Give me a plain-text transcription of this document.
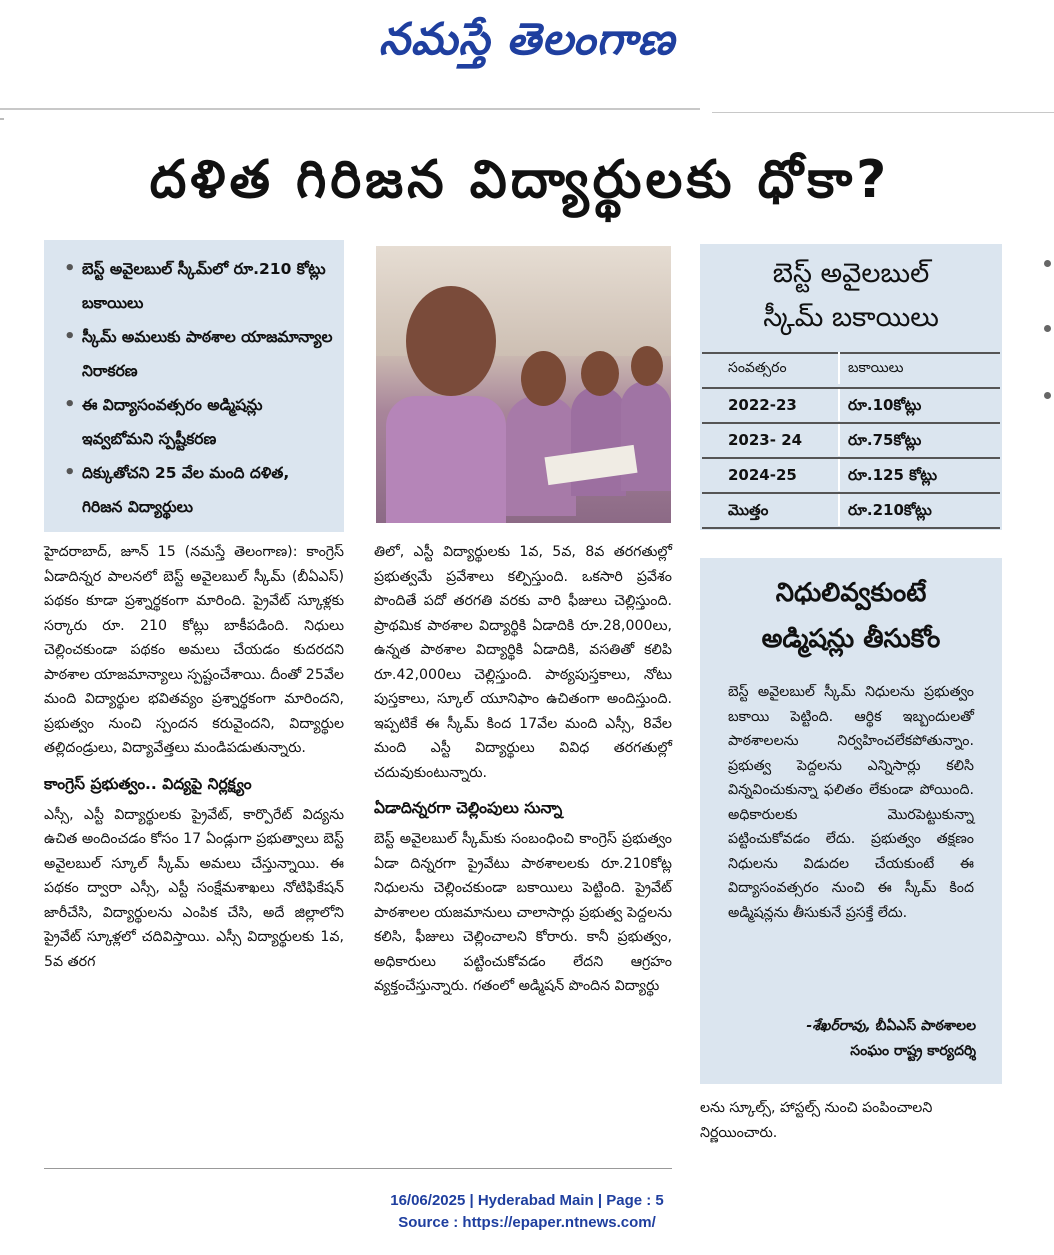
నమస్తే తెలంగాణ
దళిత గిరిజన విద్యార్థులకు ధోకా?
• బెస్ట్ అవైలబుల్ స్కీమ్‌లో రూ.210 కోట్లు బకాయిలు
• స్కీమ్ అమలుకు పాఠశాల యాజమాన్యాల నిరాకరణ
• ఈ విద్యాసంవత్సరం అడ్మిషన్లు ఇవ్వబోమని స్పష్టీకరణ
• దిక్కుతోచని 25 వేల మంది దళిత, గిరిజన విద్యార్థులు
బెస్ట్ అవైలబుల్
స్కీమ్ బకాయిలు
సంవత్సరం	బకాయిలు
2022-23	రూ.10కోట్లు
2023- 24	రూ.75కోట్లు
2024-25	రూ.125 కోట్లు
మొత్తం	రూ.210కోట్లు
హైదరాబాద్, జూన్ 15 (నమస్తే తెలంగాణ): కాంగ్రెస్ ఏడాదిన్నర పాలనలో బెస్ట్ అవైలబుల్ స్కీమ్ (బీఏఎస్) పథకం కూడా ప్రశ్నార్థకంగా మారింది. ప్రైవేట్ స్కూళ్లకు సర్కారు రూ. 210 కోట్లు బాకీపడింది. నిధులు చెల్లించకుండా పథకం అమలు చేయడం కుదరదని పాఠశాల యాజమాన్యాలు స్పష్టంచేశాయి. దీంతో 25వేల మంది విద్యార్థుల భవితవ్యం ప్రశ్నార్థకంగా మారిందని, ప్రభుత్వం నుంచి స్పందన కరువైందని, విద్యార్థుల తల్లిదండ్రులు, విద్యావేత్తలు మండిపడుతున్నారు.
కాంగ్రెస్ ప్రభుత్వం.. విద్యపై నిర్లక్ష్యం
ఎస్సీ, ఎస్టీ విద్యార్థులకు ప్రైవేట్, కార్పొరేట్ విద్యను ఉచిత అందించడం కోసం 17 ఏండ్లుగా ప్రభుత్వాలు బెస్ట్ అవైలబుల్ స్కూల్ స్కీమ్ అమలు చేస్తున్నాయి. ఈ పథకం ద్వారా ఎస్సీ, ఎస్టీ సంక్షేమశాఖలు నోటిఫికేషన్ జారీచేసి, విద్యార్థులను ఎంపిక చేసి, అదే జిల్లాలోని ప్రైవేట్ స్కూళ్లలో చదివిస్తాయి. ఎస్సీ విద్యార్థులకు 1వ, 5వ తరగ
తిలో, ఎస్టీ విద్యార్థులకు 1వ, 5వ, 8వ తరగతుల్లో ప్రభుత్వమే ప్రవేశాలు కల్పిస్తుంది. ఒకసారి ప్రవేశం పొందితే పదో తరగతి వరకు వారి ఫీజులు చెల్లిస్తుంది. ప్రాథమిక పాఠశాల విద్యార్థికి ఏడాదికి రూ.28,000లు, ఉన్నత పాఠశాల విద్యార్థికి ఏడాదికి, వసతితో కలిపి రూ.42,000లు చెల్లిస్తుంది. పాఠ్యపుస్తకాలు, నోటు పుస్తకాలు, స్కూల్ యూనిఫాం ఉచితంగా అందిస్తుంది. ఇప్పటికే ఈ స్కీమ్ కింద 17వేల మంది ఎస్సీ, 8వేల మంది ఎస్టీ విద్యార్థులు వివిధ తరగతుల్లో చదువుకుంటున్నారు.
ఏడాదిన్నరగా చెల్లింపులు సున్నా
బెస్ట్ అవైలబుల్ స్కీమ్‌కు సంబంధించి కాంగ్రెస్ ప్రభుత్వం ఏడా దిన్నరగా ప్రైవేటు పాఠశాలలకు రూ.210కోట్ల నిధులను చెల్లించకుండా బకాయిలు పెట్టింది. ప్రైవేట్ పాఠశాలల యజమానులు చాలాసార్లు ప్రభుత్వ పెద్దలను కలిసి, ఫీజులు చెల్లించాలని కోరారు. కానీ ప్రభుత్వం, అధికారులు పట్టించుకోవడం లేదని ఆగ్రహం వ్యక్తంచేస్తున్నారు. గతంలో అడ్మిషన్ పొందిన విద్యార్థు
నిధులివ్వకుంటే
అడ్మిషన్లు తీసుకోం
బెస్ట్ అవైలబుల్ స్కీమ్ నిధులను ప్రభుత్వం బకాయి పెట్టింది. ఆర్థిక ఇబ్బందులతో పాఠశాలలను నిర్వహించలేకపోతున్నాం. ప్రభుత్వ పెద్దలను ఎన్నిసార్లు కలిసి విన్నవించుకున్నా ఫలితం లేకుండా పోయింది. అధికారులకు మొరపెట్టుకున్నా పట్టించుకోవడం లేదు. ప్రభుత్వం తక్షణం నిధులను విడుదల చేయకుంటే ఈ విద్యాసంవత్సరం నుంచి ఈ స్కీమ్ కింద అడ్మిషన్లను తీసుకునే ప్రసక్తే లేదు.
-శేఖర్‌రావు, బీఏఎస్ పాఠశాలల
సంఘం రాష్ట్ర కార్యదర్శి
లను స్కూల్స్, హాస్టల్స్ నుంచి పంపించాలని నిర్ణయించారు.
16/06/2025 | Hyderabad Main | Page : 5
Source : https://epaper.ntnews.com/
